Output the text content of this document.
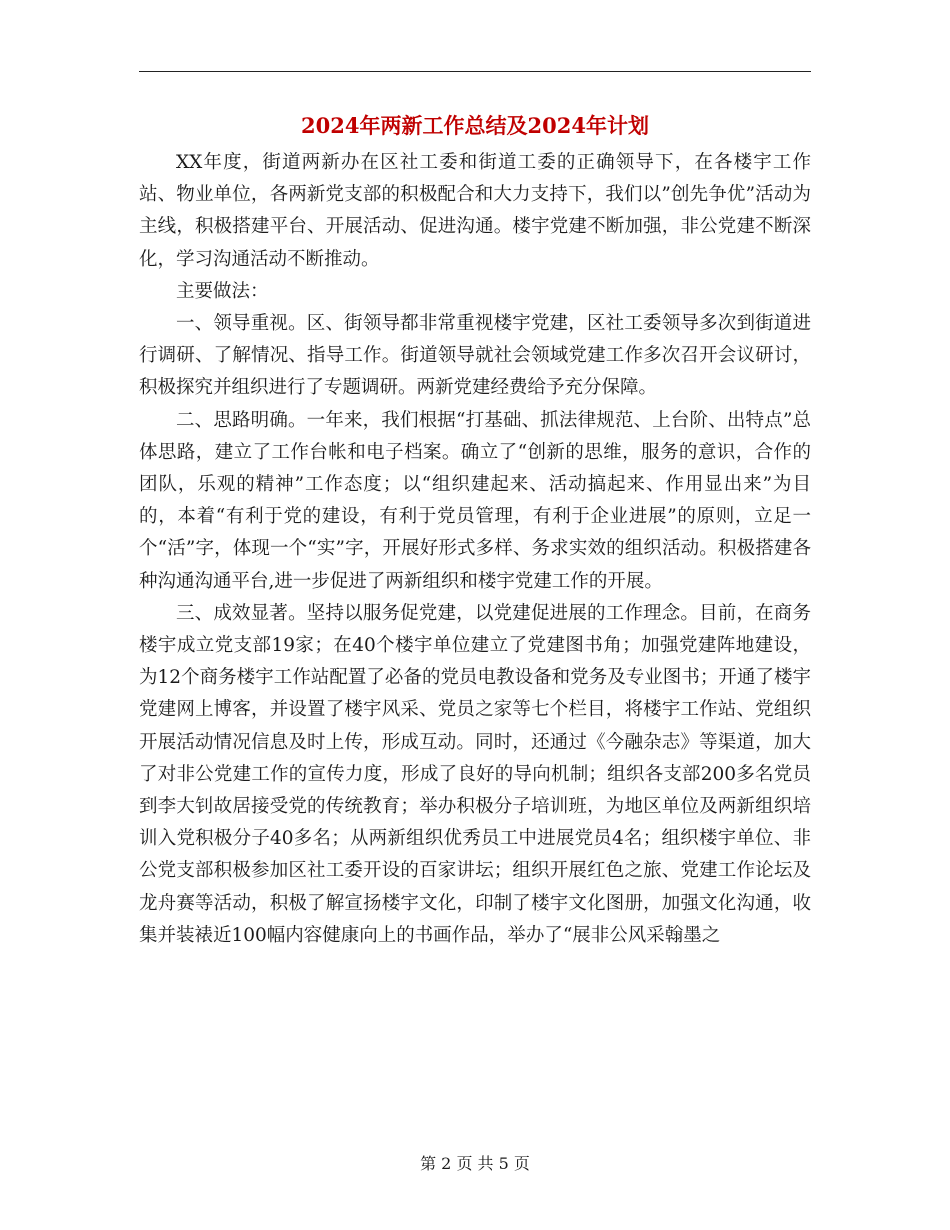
2024年两新工作总结及2024年计划

XX年度，街道两新办在区社工委和街道工委的正确领导下，在各楼宇工作站、物业单位，各两新党支部的积极配合和大力支持下，我们以”创先争优”活动为主线，积极搭建平台、开展活动、促进沟通。楼宇党建不断加强，非公党建不断深化，学习沟通活动不断推动。

主要做法：

一、领导重视。区、街领导都非常重视楼宇党建，区社工委领导多次到街道进行调研、了解情况、指导工作。街道领导就社会领域党建工作多次召开会议研讨，积极探究并组织进行了专题调研。两新党建经费给予充分保障。

二、思路明确。一年来，我们根据“打基础、抓法律规范、上台阶、出特点”总体思路，建立了工作台帐和电子档案。确立了“创新的思维，服务的意识，合作的团队，乐观的精神”工作态度；以“组织建起来、活动搞起来、作用显出来”为目的，本着“有利于党的建设，有利于党员管理，有利于企业进展”的原则，立足一个“活”字，体现一个“实”字，开展好形式多样、务求实效的组织活动。积极搭建各种沟通沟通平台,进一步促进了两新组织和楼宇党建工作的开展。

三、成效显著。坚持以服务促党建，以党建促进展的工作理念。目前，在商务楼宇成立党支部19家；在40个楼宇单位建立了党建图书角；加强党建阵地建设，为12个商务楼宇工作站配置了必备的党员电教设备和党务及专业图书；开通了楼宇党建网上博客，并设置了楼宇风采、党员之家等七个栏目，将楼宇工作站、党组织开展活动情况信息及时上传，形成互动。同时，还通过《今融杂志》等渠道，加大了对非公党建工作的宣传力度，形成了良好的导向机制；组织各支部200多名党员到李大钊故居接受党的传统教育；举办积极分子培训班，为地区单位及两新组织培训入党积极分子40多名；从两新组织优秀员工中进展党员4名；组织楼宇单位、非公党支部积极参加区社工委开设的百家讲坛；组织开展红色之旅、党建工作论坛及龙舟赛等活动，积极了解宣扬楼宇文化，印制了楼宇文化图册，加强文化沟通，收集并装裱近100幅内容健康向上的书画作品，举办了“展非公风采翰墨之

第 2 页 共 5 页
